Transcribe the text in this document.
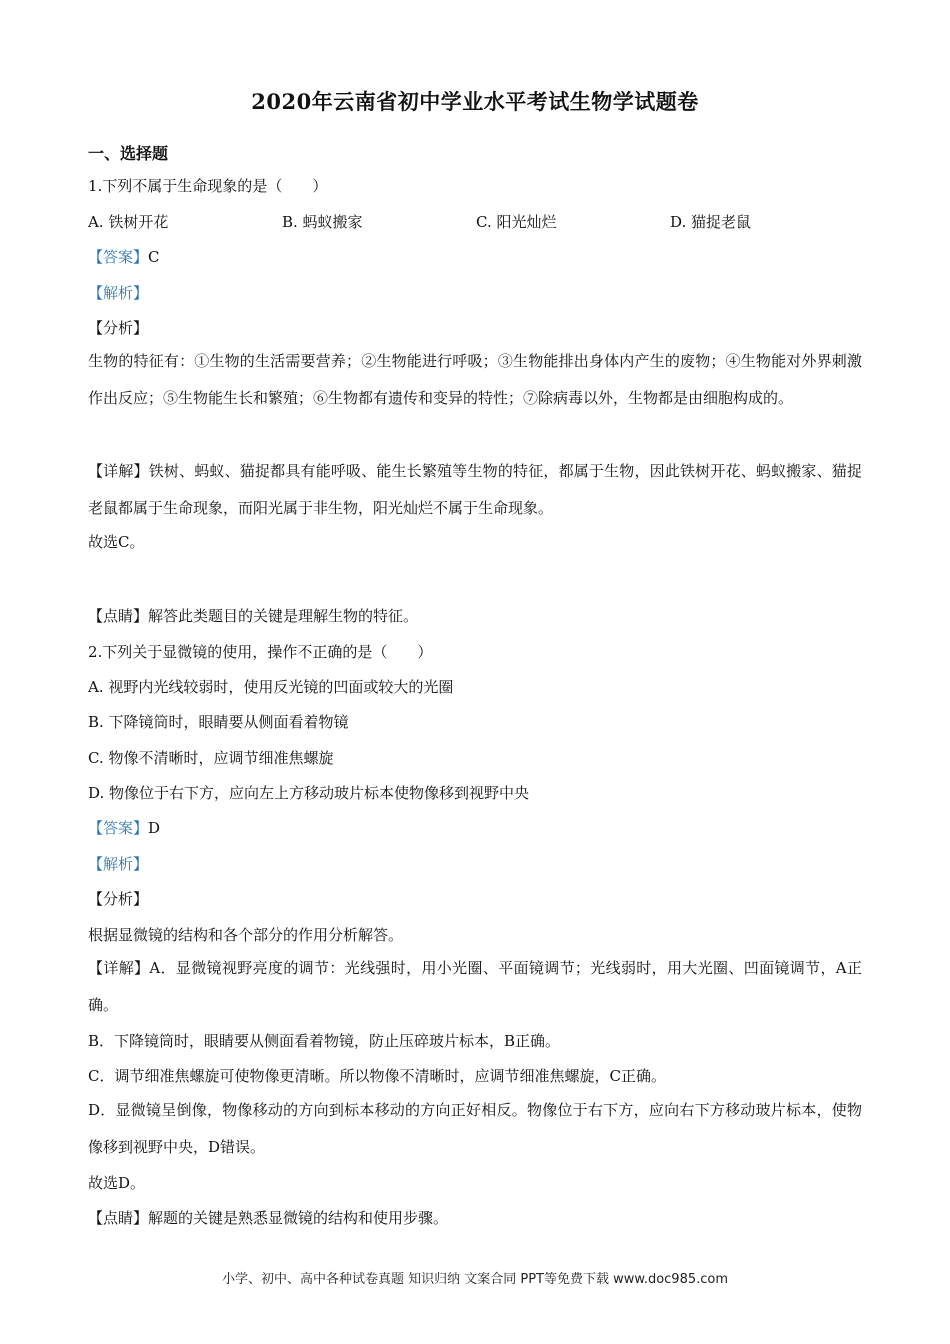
2020年云南省初中学业水平考试生物学试题卷
一、选择题
1.下列不属于生命现象的是（　　）
A. 铁树开花	B. 蚂蚁搬家	C. 阳光灿烂	D. 猫捉老鼠
【答案】C
【解析】
【分析】
生物的特征有：①生物的生活需要营养；②生物能进行呼吸；③生物能排出身体内产生的废物；④生物能对外界刺激作出反应；⑤生物能生长和繁殖；⑥生物都有遗传和变异的特性；⑦除病毒以外，生物都是由细胞构成的。
【详解】铁树、蚂蚁、猫捉都具有能呼吸、能生长繁殖等生物的特征，都属于生物，因此铁树开花、蚂蚁搬家、猫捉老鼠都属于生命现象，而阳光属于非生物，阳光灿烂不属于生命现象。
故选C。
【点睛】解答此类题目的关键是理解生物的特征。
2.下列关于显微镜的使用，操作不正确的是（　　）
A. 视野内光线较弱时，使用反光镜的凹面或较大的光圈
B. 下降镜筒时，眼睛要从侧面看着物镜
C. 物像不清晰时，应调节细准焦螺旋
D. 物像位于右下方，应向左上方移动玻片标本使物像移到视野中央
【答案】D
【解析】
【分析】
根据显微镜的结构和各个部分的作用分析解答。
【详解】A．显微镜视野亮度的调节：光线强时，用小光圈、平面镜调节；光线弱时，用大光圈、凹面镜调节，A正确。
B．下降镜筒时，眼睛要从侧面看着物镜，防止压碎玻片标本，B正确。
C．调节细准焦螺旋可使物像更清晰。所以物像不清晰时，应调节细准焦螺旋，C正确。
D．显微镜呈倒像，物像移动的方向到标本移动的方向正好相反。物像位于右下方，应向右下方移动玻片标本，使物像移到视野中央，D错误。
故选D。
【点睛】解题的关键是熟悉显微镜的结构和使用步骤。
小学、初中、高中各种试卷真题 知识归纳 文案合同 PPT等免费下载 www.doc985.com
